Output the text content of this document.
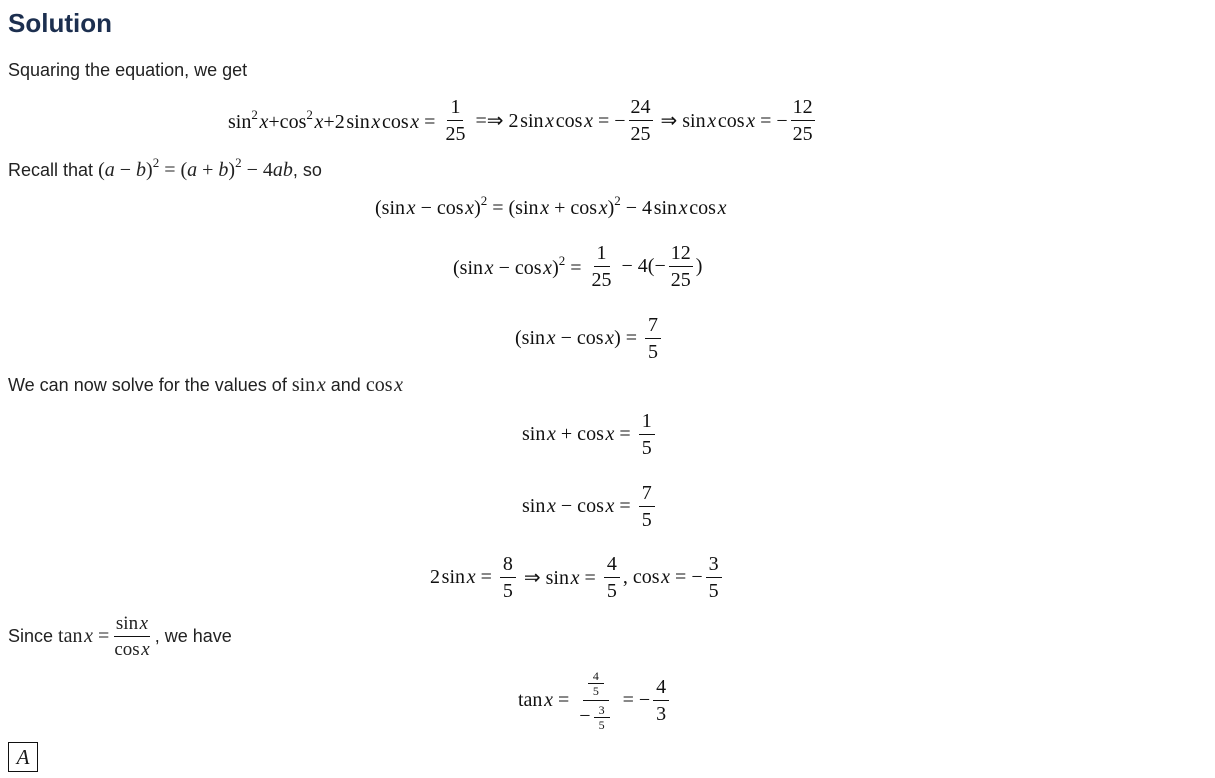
Solution
Squaring the equation, we get
$\sin^2$ $x+\cos^2$ x+2 sin x cos $x = \frac{1}{25}$ =⇒ 2 sin x cos x = − $\frac{24}{25}$ ⇒ sin x cos x = − $\frac{12}{25}$
Recall that
$(a - b)^2 = (a + b)^2 - 4ab$ , so
(sin x − cos x)$^2$ = (sin x + cos x)$^2$ − 4 sin x cos x
(sin x − cos $x)^2 = \frac{1}{25} - 4(- \frac{12}{25}$ )
(sin x − cos $x) = \frac{7}{5}$
We can now solve for the values of
sin x
and
cos x
sin x + cos $x = \frac{1}{5}$
sin x − cos $x = \frac{7}{5}$
2 sin $x = \frac{8}{5}$ ⇒ sin $x = \frac{4}{5}$ , cos x = − $\frac{3}{5}$
Since
tan $x = \frac{\text{sin x}}{\text{cos x}}$ , we have
tan $x = \frac{\frac{4}{5}}{- \frac{3}{5}}$ = − $\frac{4}{3}$
A
